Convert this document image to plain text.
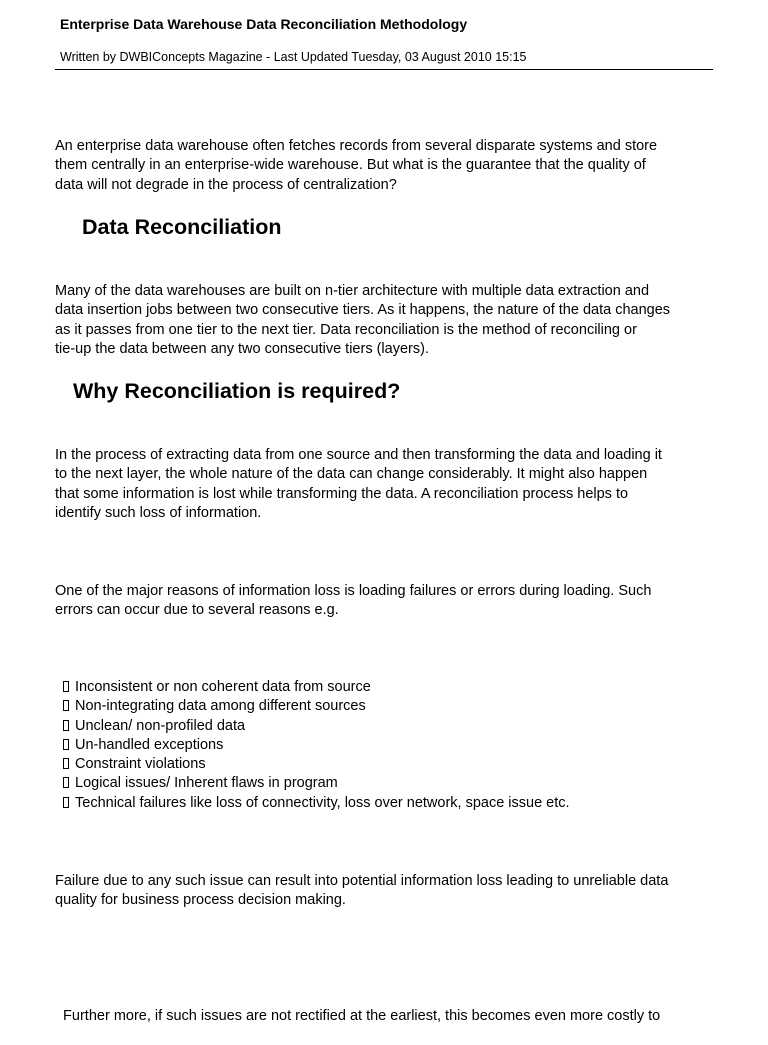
Enterprise Data Warehouse Data Reconciliation Methodology
Written by DWBIConcepts Magazine - Last Updated Tuesday, 03 August 2010 15:15

An enterprise data warehouse often fetches records from several disparate systems and store
them centrally in an enterprise-wide warehouse. But what is the guarantee that the quality of
data will not degrade in the process of centralization?

Data Reconciliation

Many of the data warehouses are built on n-tier architecture with multiple data extraction and
data insertion jobs between two consecutive tiers. As it happens, the nature of the data changes
as it passes from one tier to the next tier. Data reconciliation is the method of reconciling or
tie-up the data between any two consecutive tiers (layers).

Why Reconciliation is required?

In the process of extracting data from one source and then transforming the data and loading it
to the next layer, the whole nature of the data can change considerably. It might also happen
that some information is lost while transforming the data. A reconciliation process helps to
identify such loss of information.

One of the major reasons of information loss is loading failures or errors during loading. Such
errors can occur due to several reasons e.g.

Inconsistent or non coherent data from source
Non-integrating data among different sources
Unclean/ non-profiled data
Un-handled exceptions
Constraint violations
Logical issues/ Inherent flaws in program
Technical failures like loss of connectivity, loss over network, space issue etc.

Failure due to any such issue can result into potential information loss leading to unreliable data
quality for business process decision making.

Further more, if such issues are not rectified at the earliest, this becomes even more costly to
